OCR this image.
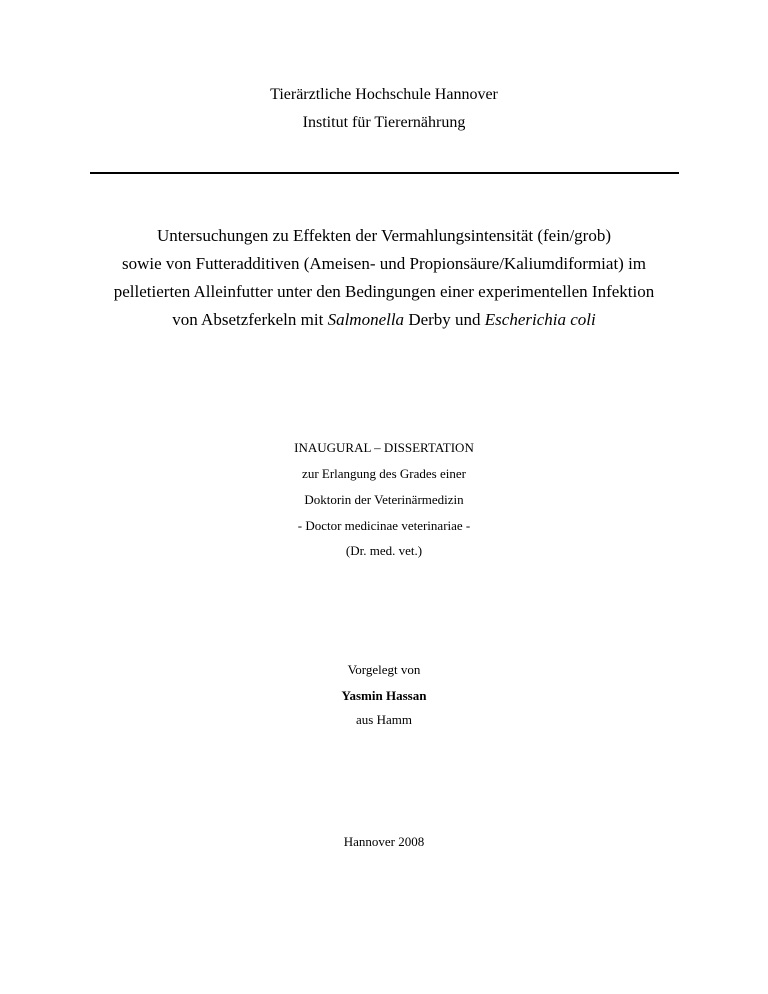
Tierärztliche Hochschule Hannover
Institut für Tierernährung
Untersuchungen zu Effekten der Vermahlungsintensität (fein/grob)
sowie von Futteradditiven (Ameisen- und Propionsäure/Kaliumdiformiat) im
pelletierten Alleinfutter unter den Bedingungen einer experimentellen Infektion
von Absetzferkeln mit Salmonella Derby und Escherichia coli
INAUGURAL – DISSERTATION
zur Erlangung des Grades einer
Doktorin der Veterinärmedizin
- Doctor medicinae veterinariae -
(Dr. med. vet.)
Vorgelegt von
Yasmin Hassan
aus Hamm
Hannover 2008
